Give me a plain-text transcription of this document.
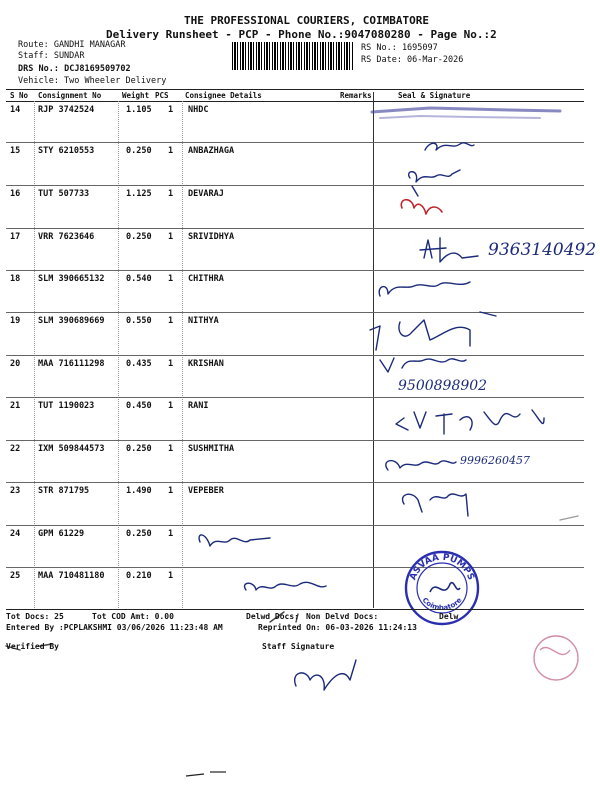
THE PROFESSIONAL COURIERS, COIMBATORE
Delivery Runsheet - PCP - Phone No.:9047080280 - Page No.:2
Route: GANDHI MANAGAR
Staff: SUNDAR
DRS No.: DCJ8169509702
Vehicle: Two Wheeler Delivery
RS No.: 1695097
RS Date: 06-Mar-2026
S No Consignment No	Weight PCS Consignee Details	Remarks	Seal & Signature
14 RJP 3742524	1.105 1 NHDC
15 STY 6210553	0.250 1 ANBAZHAGA
16 TUT 507733	1.125 1 DEVARAJ
17 VRR 7623646	0.250 1 SRIVIDHYA
18 SLM 390665132	0.540 1 CHITHRA
19 SLM 390689669	0.550 1 NITHYA
20 MAA 716111298	0.435 1 KRISHAN
21 TUT 1190023	0.450 1 RANI
22 IXM 509844573	0.250 1 SUSHMITHA
23 STR 871795	1.490 1 VEPEBER
24 GPM 61229	0.250 1
25 MAA 710481180	0.210 1
9363140492
9500898902
9996260457
ASVAA PUMPS
Coimbatore
Tot Docs: 25	Tot COD Amt: 0.00	Delwd Docs: Non Delvd Docs:	Delw
Entered By :PCPLAKSHMI 03/06/2026 11:23:48 AM	Reprinted On: 06-03-2026 11:24:13
Verified By	Staff Signature
